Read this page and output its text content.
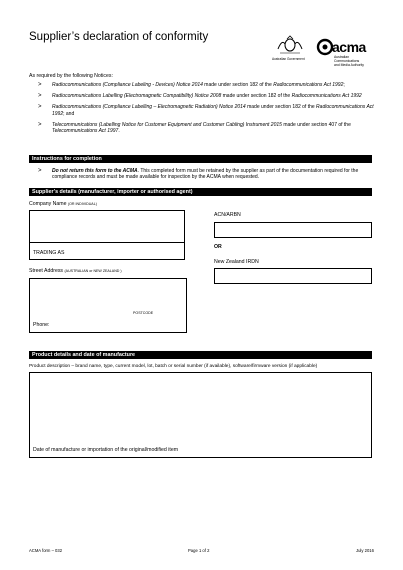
Supplier’s declaration of conformity
Australian Government
acma
Australian
Communications
and Media Authority
As required by the following Notices:
> Radiocommunications (Compliance Labeling - Devices) Notice 2014 made under section 182 of the Radiocommunications Act 1992;
> Radiocommunications Labelling (Electromagnetic Compatibility) Notice 2008 made under section 182 of the Radiocommunications Act 1992
> Radiocommunications (Compliance Labelling – Electromagnetic Radiation) Notice 2014 made under section 182 of the Radiocommunications Act 1992; and
> Telecommunications (Labelling Notice for Customer Equipment and Customer Cabling) Instrument 2015 made under section 407 of the Telecommunications Act 1997.
Instructions for completion
> Do not return this form to the ACMA. This completed form must be retained by the supplier as part of the documentation required for the compliance records and must be made available for inspection by the ACMA when requested.
Supplier’s details (manufacturer, importer or authorised agent)
Company Name (OR INDIVIDUAL)
TRADING AS
Street Address (AUSTRALIAN or NEW ZEALAND )
POSTCODE
Phone:
ACN/ARBN
OR
New Zealand IRDN
Product details and date of manufacture
Product description – brand name, type, current model, lot, batch or serial number (if available), software/firmware version (if applicable)
Date of manufacture or importation of the original/modified item
ACMA form – 032	Page 1 of 2	July 2016
